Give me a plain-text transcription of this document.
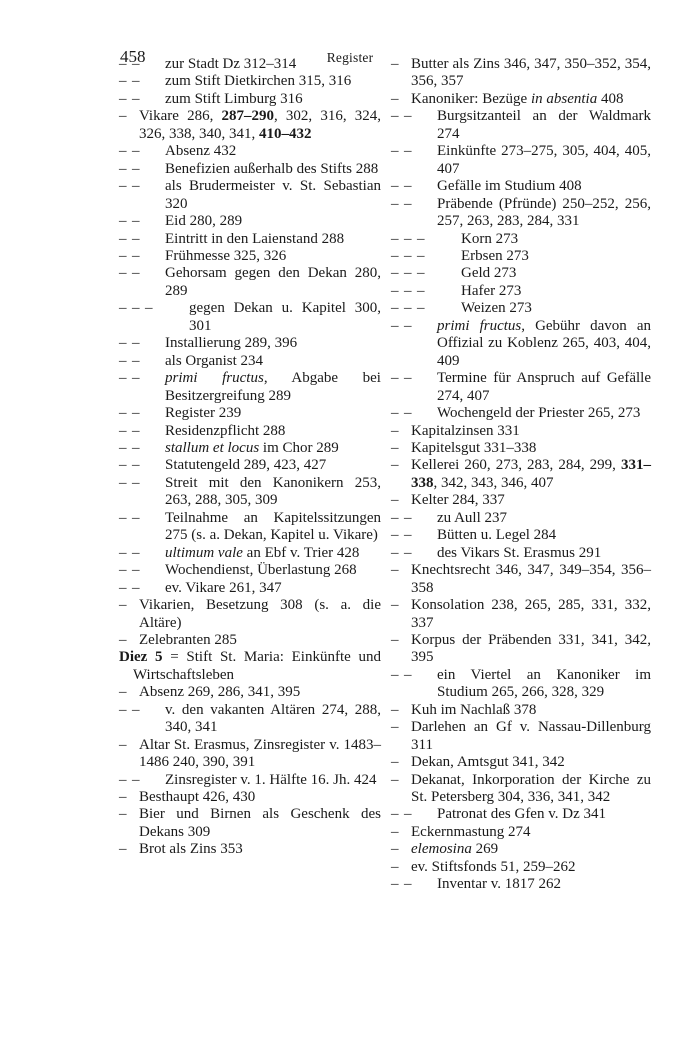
458	Register
––
zur Stadt Dz 312–314
––
zum Stift Dietkirchen 315, 316
––
zum Stift Limburg 316
–
Vikare 286, 287–290, 302, 316, 324, 326, 338, 340, 341, 410–432
––
Absenz 432
––
Benefizien außerhalb des Stifts 288
––
als Brudermeister v. St. Sebastian 320
––
Eid 280, 289
––
Eintritt in den Laienstand 288
––
Frühmesse 325, 326
––
Gehorsam gegen den Dekan 280, 289
–––
gegen Dekan u. Kapitel 300, 301
––
Installierung 289, 396
––
als Organist 234
––
primi fructus, Abgabe bei Besitzergreifung 289
––
Register 239
––
Residenzpflicht 288
––
stallum et locus im Chor 289
––
Statutengeld 289, 423, 427
––
Streit mit den Kanonikern 253, 263, 288, 305, 309
––
Teilnahme an Kapitelssitzungen 275 (s. a. Dekan, Kapitel u. Vikare)
––
ultimum vale an Ebf v. Trier 428
––
Wochendienst, Überlastung 268
––
ev. Vikare 261, 347
–
Vikarien, Besetzung 308 (s. a. die Altäre)
–
Zelebranten 285
Diez 5 = Stift St. Maria: Einkünfte und Wirtschaftsleben
–
Absenz 269, 286, 341, 395
––
v. den vakanten Altären 274, 288, 340, 341
–
Altar St. Erasmus, Zinsregister v. 1483–1486 240, 390, 391
––
Zinsregister v. 1. Hälfte 16. Jh. 424
–
Besthaupt 426, 430
–
Bier und Birnen als Geschenk des Dekans 309
–
Brot als Zins 353
–
Butter als Zins 346, 347, 350–352, 354, 356, 357
–
Kanoniker: Bezüge in absentia 408
––
Burgsitzanteil an der Waldmark 274
––
Einkünfte 273–275, 305, 404, 405, 407
––
Gefälle im Studium 408
––
Präbende (Pfründe) 250–252, 256, 257, 263, 283, 284, 331
–––
Korn 273
–––
Erbsen 273
–––
Geld 273
–––
Hafer 273
–––
Weizen 273
––
primi fructus, Gebühr davon an Offizial zu Koblenz 265, 403, 404, 409
––
Termine für Anspruch auf Gefälle 274, 407
––
Wochengeld der Priester 265, 273
–
Kapitalzinsen 331
–
Kapitelsgut 331–338
–
Kellerei 260, 273, 283, 284, 299, 331–338, 342, 343, 346, 407
–
Kelter 284, 337
––
zu Aull 237
––
Bütten u. Legel 284
––
des Vikars St. Erasmus 291
–
Knechtsrecht 346, 347, 349–354, 356–358
–
Konsolation 238, 265, 285, 331, 332, 337
–
Korpus der Präbenden 331, 341, 342, 395
––
ein Viertel an Kanoniker im Studium 265, 266, 328, 329
–
Kuh im Nachlaß 378
–
Darlehen an Gf v. Nassau-Dillenburg 311
–
Dekan, Amtsgut 341, 342
–
Dekanat, Inkorporation der Kirche zu St. Petersberg 304, 336, 341, 342
––
Patronat des Gfen v. Dz 341
–
Eckernmastung 274
–
elemosina 269
–
ev. Stiftsfonds 51, 259–262
––
Inventar v. 1817 262
